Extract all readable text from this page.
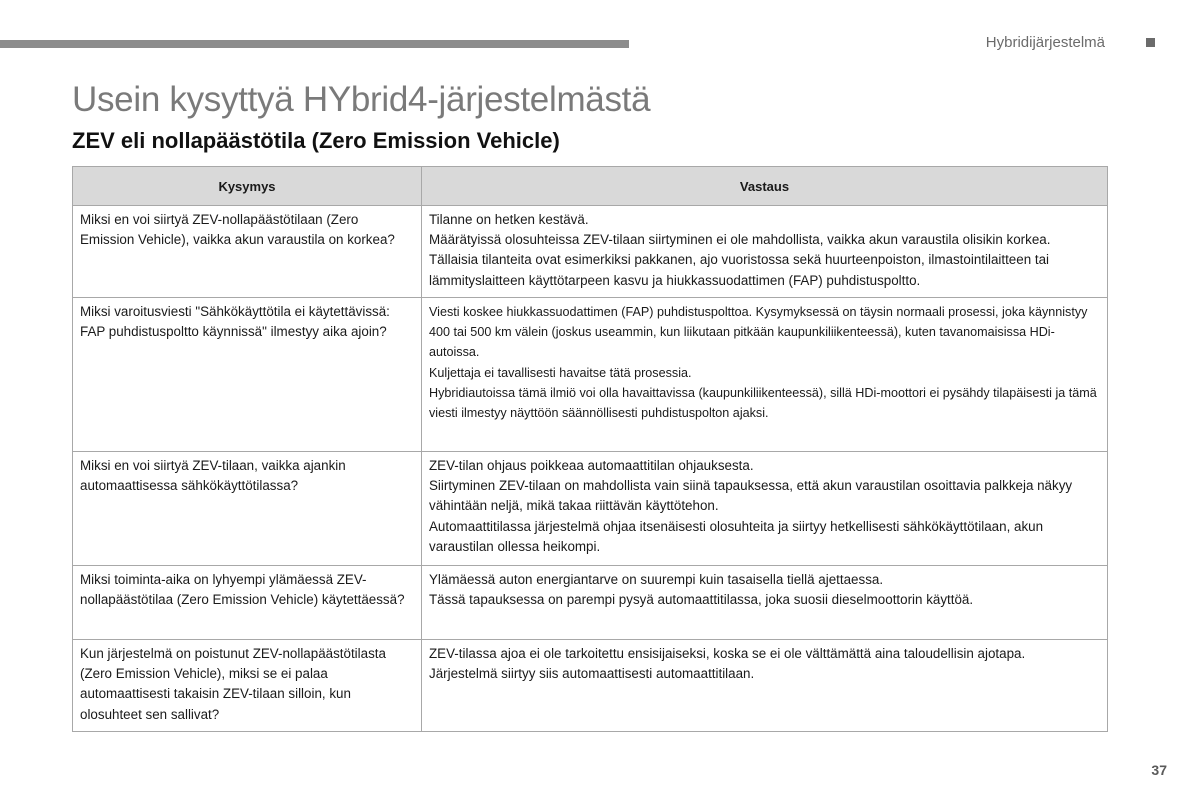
Hybridijärjestelmä
Usein kysyttyä HYbrid4-järjestelmästä
ZEV eli nollapäästötila (Zero Emission Vehicle)
Kysymys	Vastaus
Miksi en voi siirtyä ZEV-nollapäästötilaan (Zero Emission Vehicle), vaikka akun varaustila on korkea?	Tilanne on hetken kestävä.

Määrätyissä olosuhteissa ZEV-tilaan siirtyminen ei ole mahdollista, vaikka akun varaustila olisikin korkea. Tällaisia tilanteita ovat esimerkiksi pakkanen, ajo vuoristossa sekä huurteenpoiston, ilmastointilaitteen tai lämmityslaitteen käyttötarpeen kasvu ja hiukkassuodattimen (FAP) puhdistuspoltto.

Miksi varoitusviesti "Sähkökäyttötila ei käytettävissä: FAP puhdistuspoltto käynnissä" ilmestyy aika ajoin?	Viesti koskee hiukkassuodattimen (FAP) puhdistuspolttoa. Kysymyksessä on täysin normaali prosessi, joka käynnistyy 400 tai 500 km välein (joskus useammin, kun liikutaan pitkään kaupunkiliikenteessä), kuten tavanomaisissa HDi-autoissa.

Kuljettaja ei tavallisesti havaitse tätä prosessia.

Hybridiautoissa tämä ilmiö voi olla havaittavissa (kaupunkiliikenteessä), sillä HDi-moottori ei pysähdy tilapäisesti ja tämä viesti ilmestyy näyttöön säännöllisesti puhdistuspolton ajaksi.

Miksi en voi siirtyä ZEV-tilaan, vaikka ajankin automaattisessa sähkökäyttötilassa?	ZEV-tilan ohjaus poikkeaa automaattitilan ohjauksesta.

Siirtyminen ZEV-tilaan on mahdollista vain siinä tapauksessa, että akun varaustilan osoittavia palkkeja näkyy vähintään neljä, mikä takaa riittävän käyttötehon.

Automaattitilassa järjestelmä ohjaa itsenäisesti olosuhteita ja siirtyy hetkellisesti sähkökäyttötilaan, akun varaustilan ollessa heikompi.

Miksi toiminta-aika on lyhyempi ylämäessä ZEV-nollapäästötilaa (Zero Emission Vehicle) käytettäessä?	Ylämäessä auton energiantarve on suurempi kuin tasaisella tiellä ajettaessa.

Tässä tapauksessa on parempi pysyä automaattitilassa, joka suosii dieselmoottorin käyttöä.

Kun järjestelmä on poistunut ZEV-nollapäästötilasta (Zero Emission Vehicle), miksi se ei palaa automaattisesti takaisin ZEV-tilaan silloin, kun olosuhteet sen sallivat?	ZEV-tilassa ajoa ei ole tarkoitettu ensisijaiseksi, koska se ei ole välttämättä aina taloudellisin ajotapa.

Järjestelmä siirtyy siis automaattisesti automaattitilaan.

37
